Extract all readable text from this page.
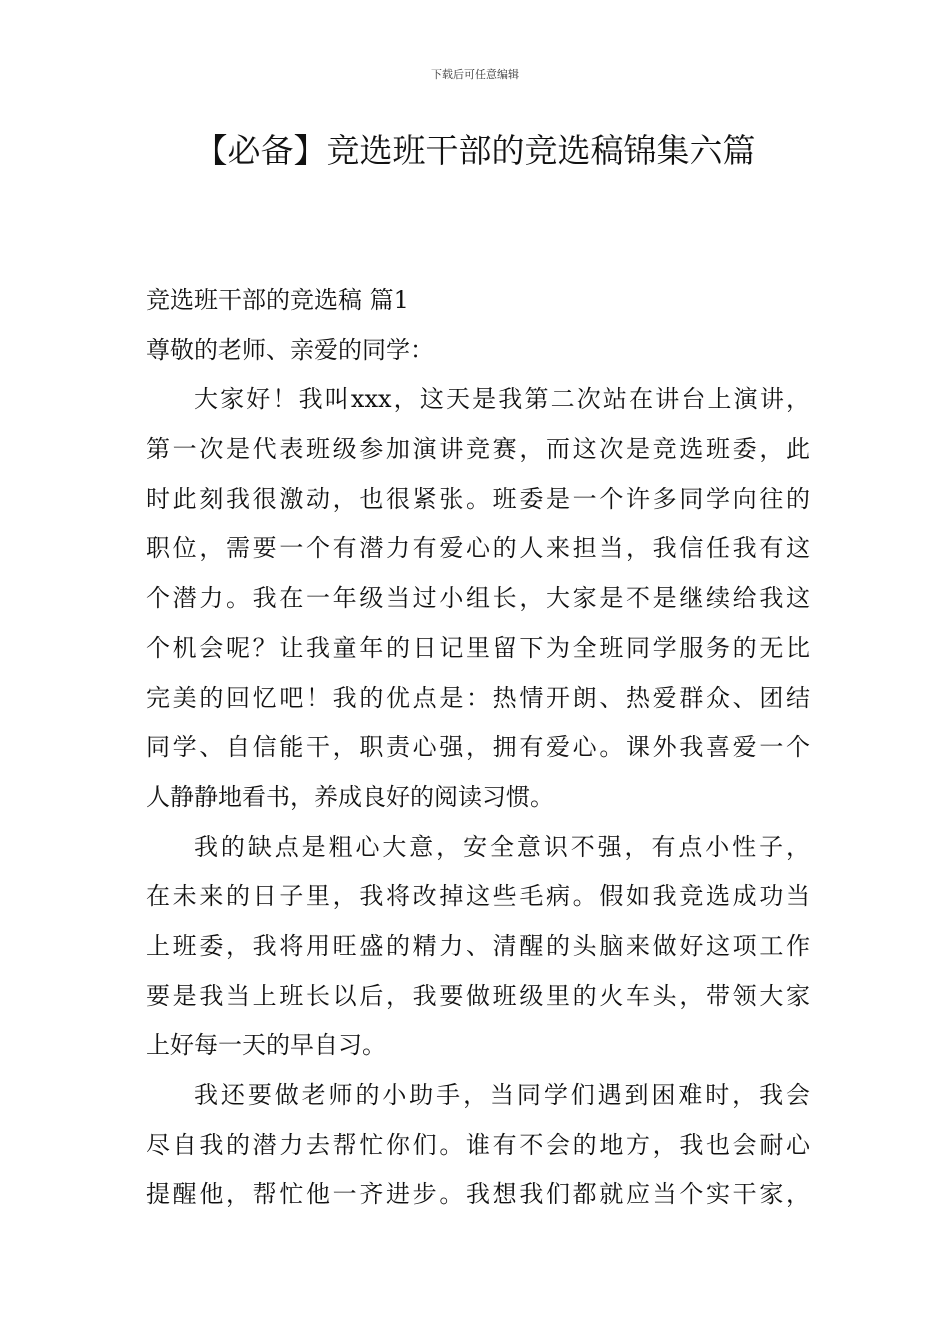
下载后可任意编辑
【必备】竞选班干部的竞选稿锦集六篇
竞选班干部的竞选稿 篇1
尊敬的老师、亲爱的同学：
大家好！我叫xxx，这天是我第二次站在讲台上演讲，
第一次是代表班级参加演讲竞赛，而这次是竞选班委，此
时此刻我很激动，也很紧张。班委是一个许多同学向往的
职位，需要一个有潜力有爱心的人来担当，我信任我有这
个潜力。我在一年级当过小组长，大家是不是继续给我这
个机会呢？让我童年的日记里留下为全班同学服务的无比
完美的回忆吧！我的优点是：热情开朗、热爱群众、团结
同学、自信能干，职责心强，拥有爱心。课外我喜爱一个
人静静地看书，养成良好的阅读习惯。
我的缺点是粗心大意，安全意识不强，有点小性子，
在未来的日子里，我将改掉这些毛病。假如我竞选成功当
上班委，我将用旺盛的精力、清醒的头脑来做好这项工作
要是我当上班长以后，我要做班级里的火车头，带领大家
上好每一天的早自习。
我还要做老师的小助手，当同学们遇到困难时，我会
尽自我的潜力去帮忙你们。谁有不会的地方，我也会耐心
提醒他，帮忙他一齐进步。我想我们都就应当个实干家，
